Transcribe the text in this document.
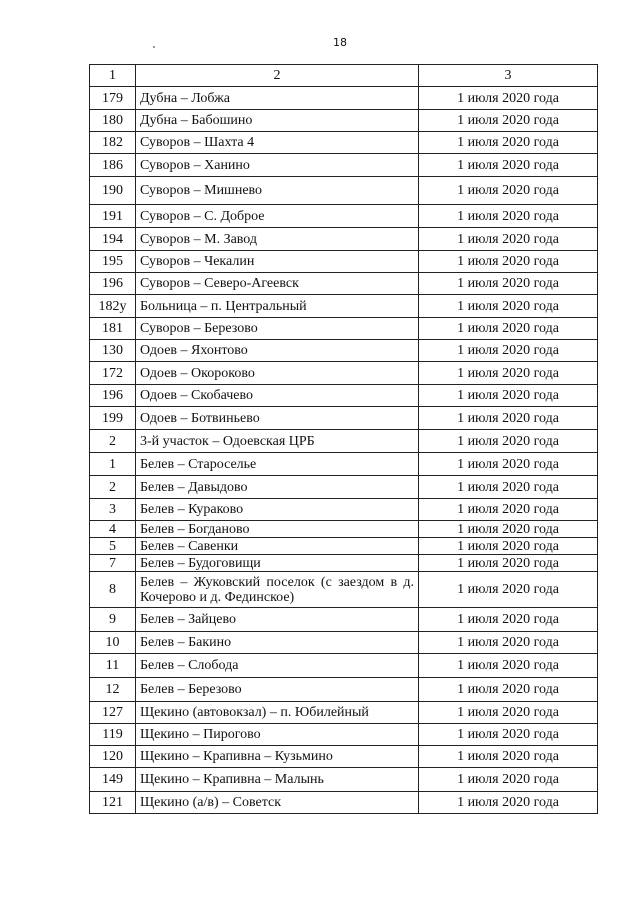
18
1	2	3
179	Дубна – Лобжа	1 июля 2020 года
180	Дубна – Бабошино	1 июля 2020 года
182	Суворов – Шахта 4	1 июля 2020 года
186	Суворов – Ханино	1 июля 2020 года
190	Суворов – Мишнево	1 июля 2020 года
191	Суворов – С. Доброе	1 июля 2020 года
194	Суворов – М. Завод	1 июля 2020 года
195	Суворов – Чекалин	1 июля 2020 года
196	Суворов – Северо-Агеевск	1 июля 2020 года
182у	Больница – п. Центральный	1 июля 2020 года
181	Суворов – Березово	1 июля 2020 года
130	Одоев – Яхонтово	1 июля 2020 года
172	Одоев – Окороково	1 июля 2020 года
196	Одоев – Скобачево	1 июля 2020 года
199	Одоев – Ботвиньево	1 июля 2020 года
2	3-й участок – Одоевская ЦРБ	1 июля 2020 года
1	Белев – Староселье	1 июля 2020 года
2	Белев – Давыдово	1 июля 2020 года
3	Белев – Кураково	1 июля 2020 года
4	Белев – Богданово	1 июля 2020 года
5	Белев – Савенки	1 июля 2020 года
7	Белев – Будоговищи	1 июля 2020 года
8	Белев – Жуковский поселок (с заездом в д. Кочерово и д. Фединское)	1 июля 2020 года
9	Белев – Зайцево	1 июля 2020 года
10	Белев – Бакино	1 июля 2020 года
11	Белев – Слобода	1 июля 2020 года
12	Белев – Березово	1 июля 2020 года
127	Щекино (автовокзал) – п. Юбилейный	1 июля 2020 года
119	Щекино – Пирогово	1 июля 2020 года
120	Щекино – Крапивна – Кузьмино	1 июля 2020 года
149	Щекино – Крапивна – Малынь	1 июля 2020 года
121	Щекино (а/в) – Советск	1 июля 2020 года
